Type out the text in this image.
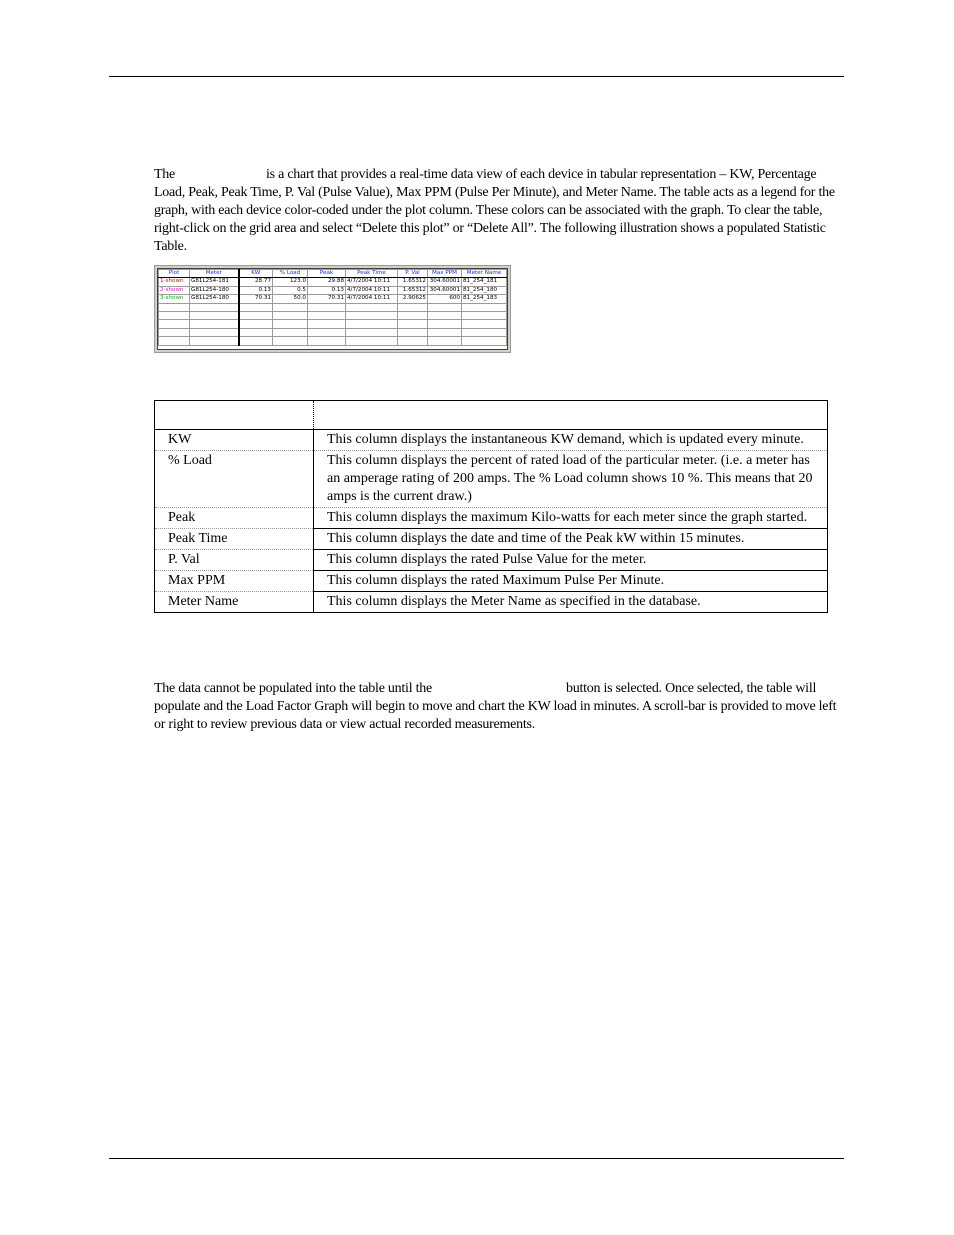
The	is a chart that provides a real-time data view of each device in tabular representation – KW, Percentage Load, Peak, Peak Time, P. Val (Pulse Value), Max PPM (Pulse Per Minute), and Meter Name. The table acts as a legend for the graph, with each device color-coded under the plot column. These colors can be associated with the graph. To clear the table, right-click on the grid area and select “Delete this plot” or “Delete All”. The following illustration shows a populated Statistic Table.

Plot	Meter	KW	% Load	Peak	Peak Time	P. Val	Max PPM	Meter Name
1-shown	G81L254-181	28.77	123.0	29.88	4/7/2004 10:11	1.65312	304.60001	81_254_181
2-shown	G81L254-180	0.13	0.5	0.13	4/7/2004 10:11	1.65312	304.60001	81_254_180
3-shown	G81L254-180	70.31	50.0	70.31	4/7/2004 10:11	2.90625	600	81_254_183

KW	This column displays the instantaneous KW demand, which is updated every minute.
% Load	This column displays the percent of rated load of the particular meter. (i.e. a meter has an amperage rating of 200 amps. The % Load column shows 10 %. This means that 20 amps is the current draw.)
Peak	This column displays the maximum Kilo-watts for each meter since the graph started.
Peak Time	This column displays the date and time of the Peak kW within 15 minutes.
P. Val	This column displays the rated Pulse Value for the meter.
Max PPM	This column displays the rated Maximum Pulse Per Minute.
Meter Name	This column displays the Meter Name as specified in the database.

The data cannot be populated into the table until the	button is selected. Once selected, the table will populate and the Load Factor Graph will begin to move and chart the KW load in minutes. A scroll-bar is provided to move left or right to review previous data or view actual recorded measurements.
